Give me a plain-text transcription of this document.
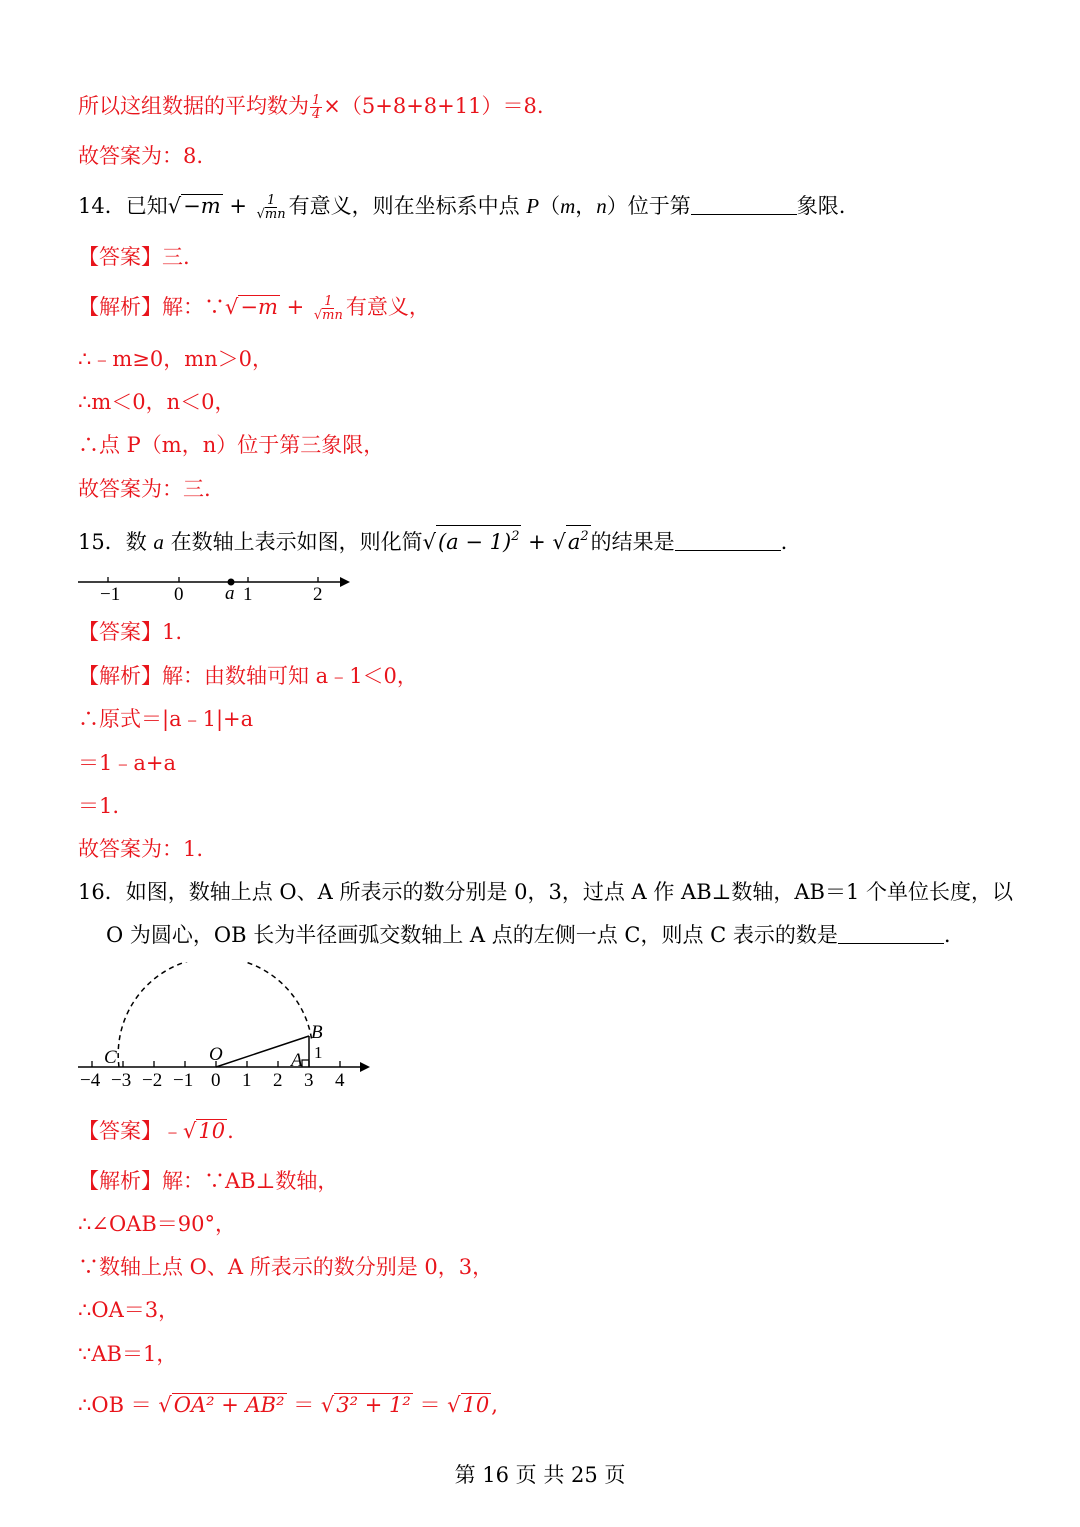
所以这组数据的平均数为 $\frac{1}{4} \times(5+8+8+11)=8$.
故答案为：8.
14．已知$√-m + \frac{1}{√mn}$ 有意义，则在坐标系中点 P（m，n）位于第	象限.
【答案】三.
【解析】解：∵√−m + $\frac{1}{√mn}$ 有意义，
∴﹣m≥0，mn＞0，
∴m＜0，n＜0，
∴点 P（m，n）位于第三象限，
故答案为：三.
15．数 a 在数轴上表示如图，则化简$√(a - 1)^2 + √a^2$的结果是	.
−1	0 a 1	2
【答案】1.
【解析】解：由数轴可知 a﹣1＜0，
∴原式＝|a﹣1|+a
＝1﹣a+a
＝1.
故答案为：1.
16．如图，数轴上点 O、A 所表示的数分别是 0，3，过点 A 作 AB⊥数轴，AB＝1 个单位长度，以
O 为圆心，OB 长为半径画弧交数轴上 A 点的左侧一点 C，则点 C 表示的数是	.
C	O	A
B
1
−4 −3 −2 −1 0 1 2 3 4
【答案】﹣√10.
【解析】解：∵AB⊥数轴，
∴∠OAB＝90°，
∵数轴上点 O、A 所表示的数分别是 0，3，
∴OA＝3，
∵AB＝1，
∴OB ＝ √OA² + AB² ＝ √3² + 1² ＝ √10,
第 16 页 共 25 页
